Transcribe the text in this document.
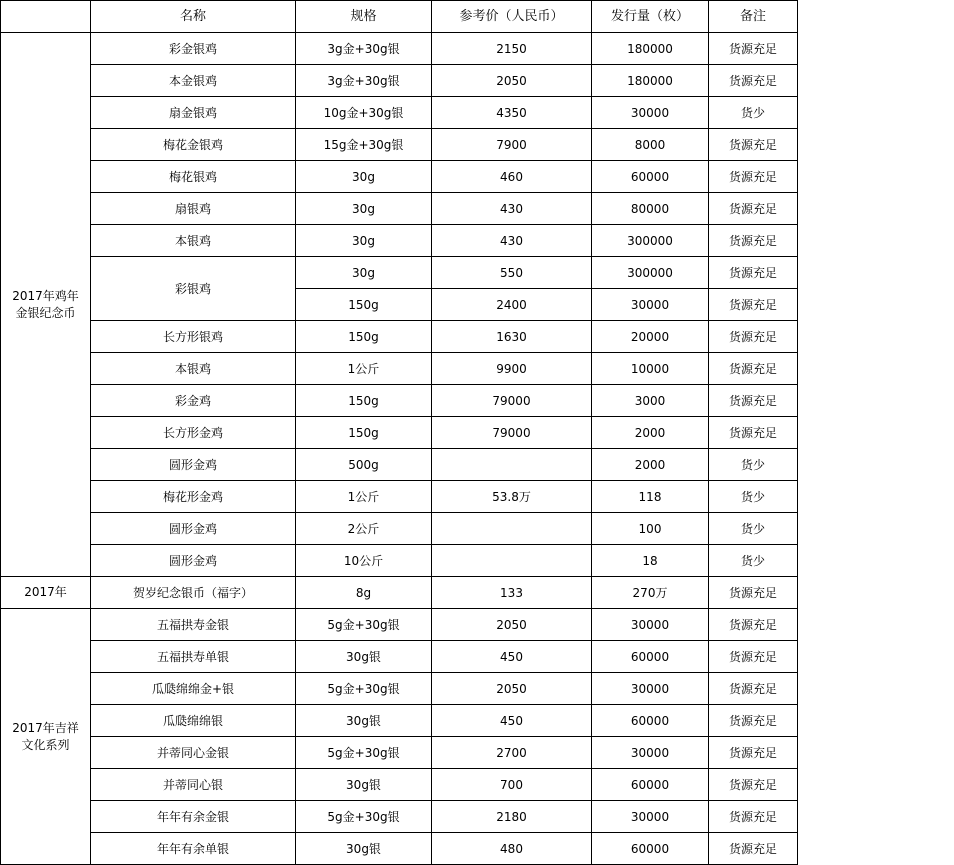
	名称	规格	参考价（人民币）	发行量（枚）	备注
2017年鸡年金银纪念币	彩金银鸡	3g金+30g银	2150	180000	货源充足
	本金银鸡	3g金+30g银	2050	180000	货源充足
	扇金银鸡	10g金+30g银	4350	30000	货少
	梅花金银鸡	15g金+30g银	7900	8000	货源充足
	梅花银鸡	30g	460	60000	货源充足
	扇银鸡	30g	430	80000	货源充足
	本银鸡	30g	430	300000	货源充足
	彩银鸡	30g	550	300000	货源充足
		150g	2400	30000	货源充足
	长方形银鸡	150g	1630	20000	货源充足
	本银鸡	1公斤	9900	10000	货源充足
	彩金鸡	150g	79000	3000	货源充足
	长方形金鸡	150g	79000	2000	货源充足
	圆形金鸡	500g		2000	货少
	梅花形金鸡	1公斤	53.8万	118	货少
	圆形金鸡	2公斤		100	货少
	圆形金鸡	10公斤		18	货少
2017年	贺岁纪念银币（福字）	8g	133	270万	货源充足
2017年吉祥文化系列	五福拱寿金银	5g金+30g银	2050	30000	货源充足
	五福拱寿单银	30g银	450	60000	货源充足
	瓜瓞绵绵金+银	5g金+30g银	2050	30000	货源充足
	瓜瓞绵绵银	30g银	450	60000	货源充足
	并蒂同心金银	5g金+30g银	2700	30000	货源充足
	并蒂同心银	30g银	700	60000	货源充足
	年年有余金银	5g金+30g银	2180	30000	货源充足
	年年有余单银	30g银	480	60000	货源充足
